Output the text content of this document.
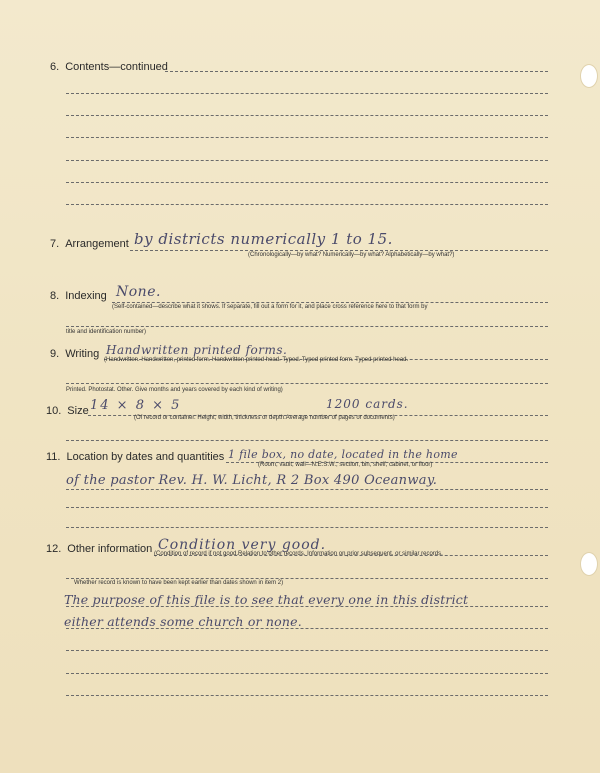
6. Contents—continued
7. Arrangement by districts numerically 1 to 15.
(Chronologically—by what? Numerically—by what? Alphabetically—by what?)
8. Indexing None.
(Self-contained—describe what it shows. If separate, fill out a form for it, and place cross reference here to that form by
title and identification number)
9. Writing Handwritten printed forms.
(Handwritten. Handwritten, printed form. Handwritten printed head. Typed. Typed printed form. Typed printed head.
Printed. Photostat. Other. Give months and years covered by each kind of writing)
10. Size 14 × 8 × 5	1200 cards.
(Of record or container. Height, width, thickness or depth.Average number of pages or documents)
11. Location by dates and quantities 1 file box, no date, located in the home
(Room, vault, wall—N.E.S.W., section, bin, shelf, cabinet, or floor)
of the pastor Rev. H. W. Licht, R 2 Box 490 Oceanway.
12. Other information Condition very good.
(Condition of record if not good.Relation to other records. Information on prior subsequent, or similar records.
Whether record is known to have been kept earlier than dates shown in item 2)
The purpose of this file is to see that every one in this district
either attends some church or none.
